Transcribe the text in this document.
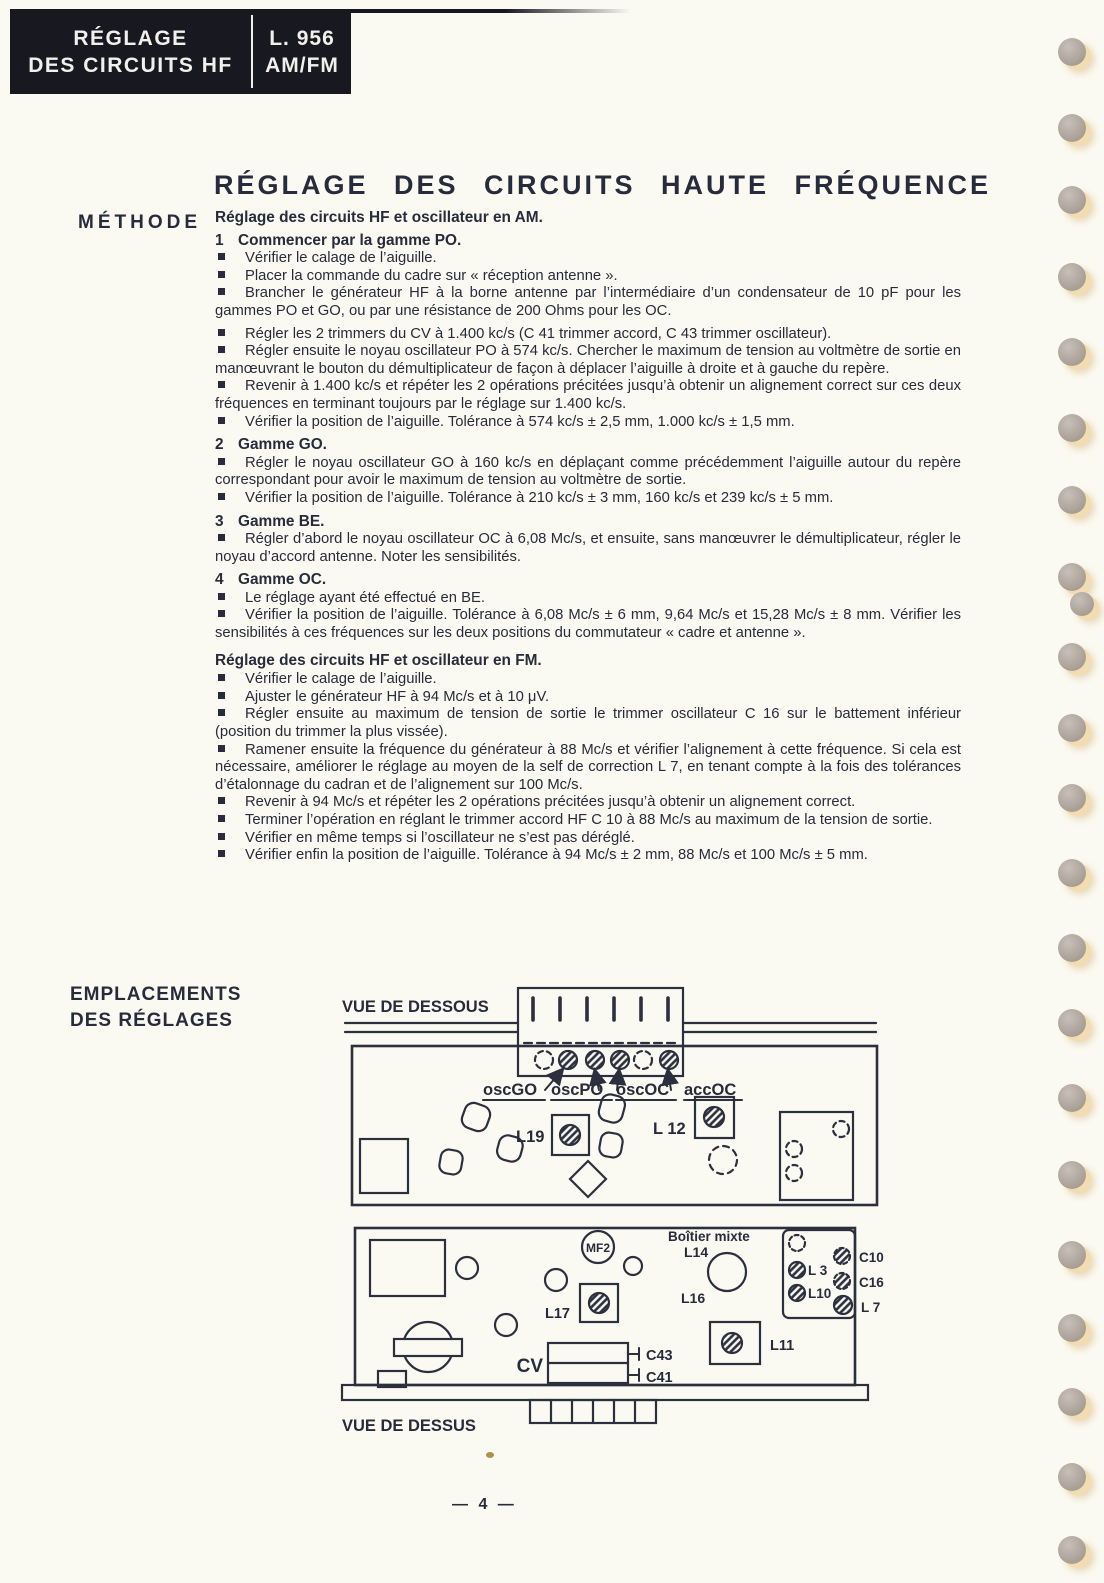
RÉGLAGE
DES CIRCUITS HF
L. 956
AM/FM
RÉGLAGE DES CIRCUITS HAUTE FRÉQUENCE
MÉTHODE
EMPLACEMENTS
DES RÉGLAGES

Réglage des circuits HF et oscillateur en AM.

1 Commencer par la gamme PO.

Vérifier le calage de l’aiguille.

Placer la commande du cadre sur « réception antenne ».

Brancher le générateur HF à la borne antenne par l’intermédiaire d’un condensateur de 10 pF pour les gammes PO et GO, ou par une résistance de 200 Ohms pour les OC.

Régler les 2 trimmers du CV à 1.400 kc/s (C 41 trimmer accord, C 43 trimmer oscillateur).

Régler ensuite le noyau oscillateur PO à 574 kc/s. Chercher le maximum de tension au voltmètre de sortie en manœuvrant le bouton du démultiplicateur de façon à déplacer l’aiguille à droite et à gauche du repère.

Revenir à 1.400 kc/s et répéter les 2 opérations précitées jusqu’à obtenir un alignement correct sur ces deux fréquences en terminant toujours par le réglage sur 1.400 kc/s.

Vérifier la position de l’aiguille. Tolérance à 574 kc/s ± 2,5 mm, 1.000 kc/s ± 1,5 mm.

2 Gamme GO.

Régler le noyau oscillateur GO à 160 kc/s en déplaçant comme précédemment l’aiguille autour du repère correspondant pour avoir le maximum de tension au voltmètre de sortie.

Vérifier la position de l’aiguille. Tolérance à 210 kc/s ± 3 mm, 160 kc/s et 239 kc/s ± 5 mm.

3 Gamme BE.

Régler d’abord le noyau oscillateur OC à 6,08 Mc/s, et ensuite, sans manœuvrer le démultiplicateur, régler le noyau d’accord antenne. Noter les sensibilités.

4 Gamme OC.

Le réglage ayant été effectué en BE.

Vérifier la position de l’aiguille. Tolérance à 6,08 Mc/s ± 6 mm, 9,64 Mc/s et 15,28 Mc/s ± 8 mm. Vérifier les sensibilités à ces fréquences sur les deux positions du commutateur « cadre et antenne ».

Réglage des circuits HF et oscillateur en FM.

Vérifier le calage de l’aiguille.

Ajuster le générateur HF à 94 Mc/s et à 10 μV.

Régler ensuite au maximum de tension de sortie le trimmer oscillateur C 16 sur le battement inférieur (position du trimmer la plus vissée).

Ramener ensuite la fréquence du générateur à 88 Mc/s et vérifier l’alignement à cette fréquence. Si cela est nécessaire, améliorer le réglage au moyen de la self de correction L 7, en tenant compte à la fois des tolérances d’étalonnage du cadran et de l’alignement sur 100 Mc/s.

Revenir à 94 Mc/s et répéter les 2 opérations précitées jusqu’à obtenir un alignement correct.

Terminer l’opération en réglant le trimmer accord HF C 10 à 88 Mc/s au maximum de la tension de sortie.

Vérifier en même temps si l’oscillateur ne s’est pas déréglé.

Vérifier enfin la position de l’aiguille. Tolérance à 94 Mc/s ± 2 mm, 88 Mc/s et 100 Mc/s ± 5 mm.

VUE DE DESSOUS
oscGO oscPO oscOC accOC
L19	L 12
MF2
Boîtier mixte
L14
L16
L17
CV	C43
C41
L11
L 3
L10
C10
C16
L 7
VUE DE DESSUS
— 4 —
